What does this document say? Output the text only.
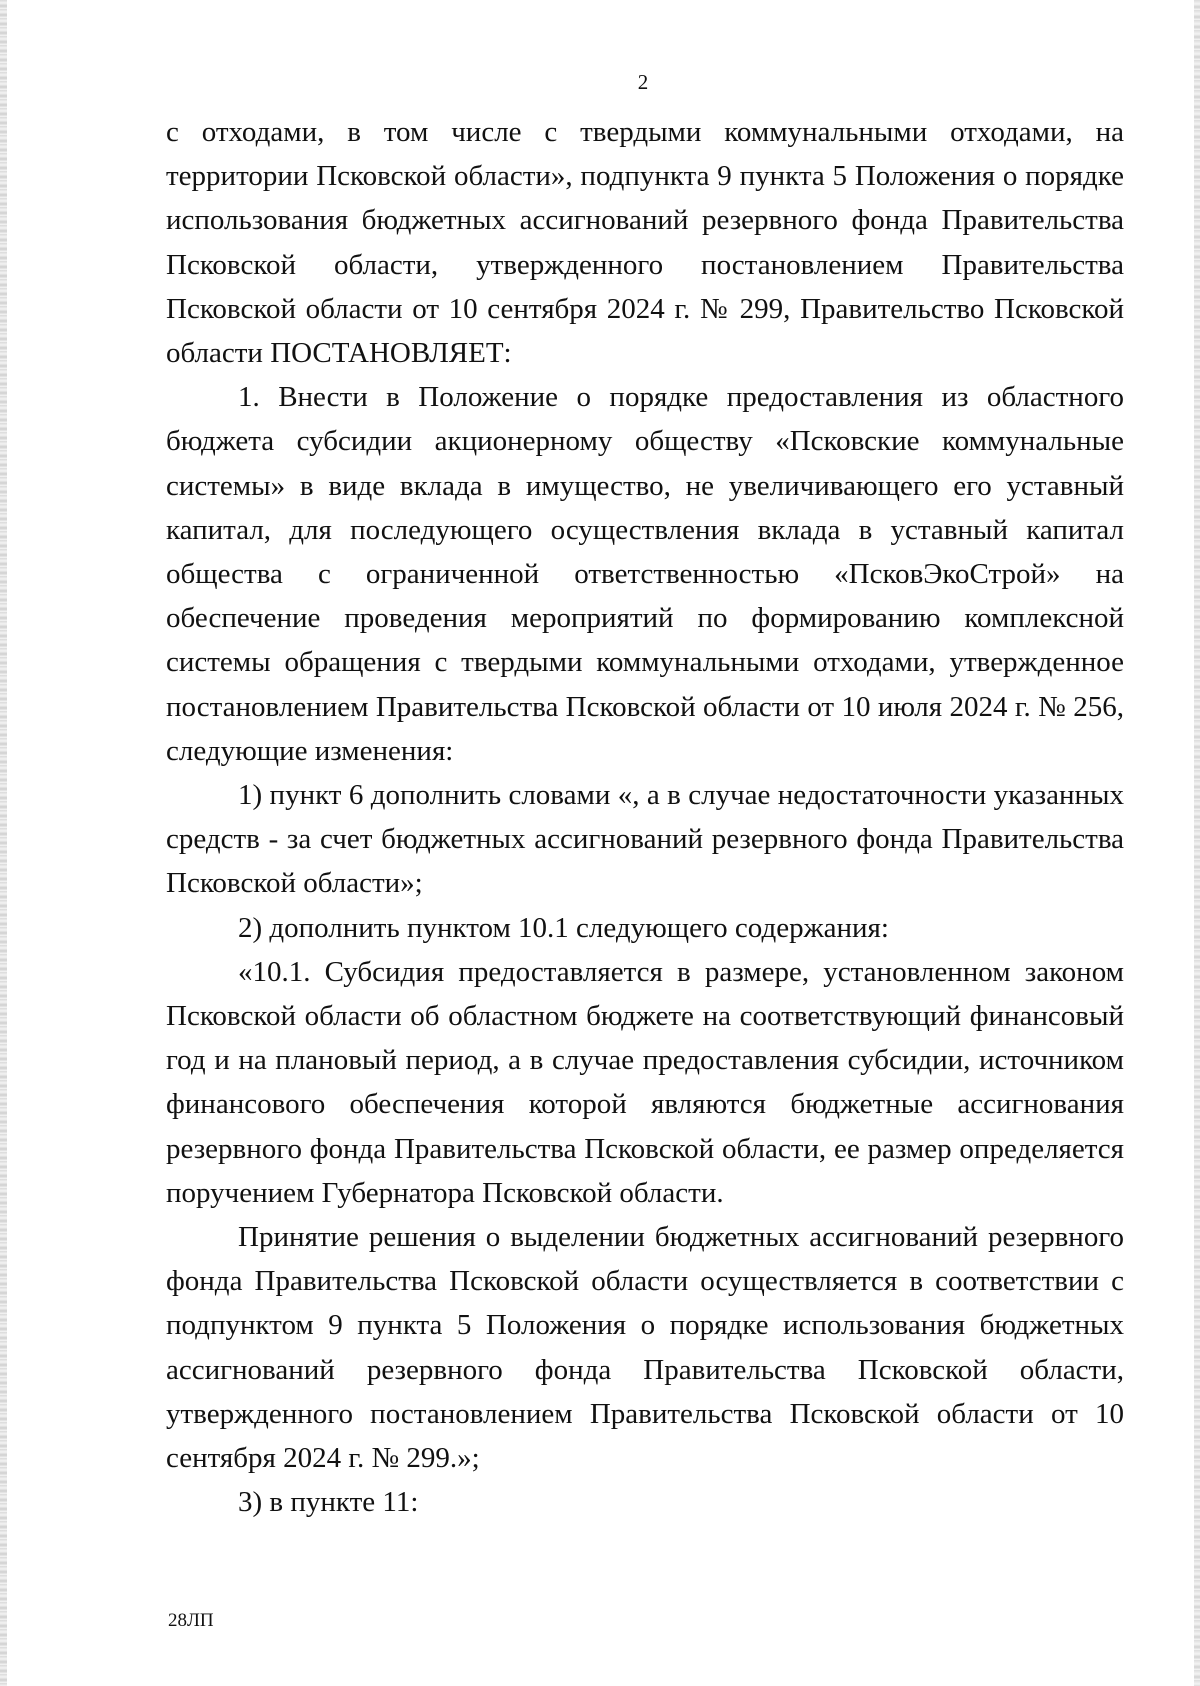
2

с отходами, в том числе с твердыми коммунальными отходами, на территории Псковской области», подпункта 9 пункта 5 Положения о порядке использования бюджетных ассигнований резервного фонда Правительства Псковской области, утвержденного постановлением Правительства Псковской области от 10 сентября 2024 г. № 299, Правительство Псковской области ПОСТАНОВЛЯЕТ:

1. Внести в Положение о порядке предоставления из областного бюджета субсидии акционерному обществу «Псковские коммунальные системы» в виде вклада в имущество, не увеличивающего его уставный капитал, для последующего осуществления вклада в уставный капитал общества с ограниченной ответственностью «ПсковЭкоСтрой» на обеспечение проведения мероприятий по формированию комплексной системы обращения с твердыми коммунальными отходами, утвержденное постановлением Правительства Псковской области от 10 июля 2024 г. № 256, следующие изменения:

1) пункт 6 дополнить словами «, а в случае недостаточности указанных средств - за счет бюджетных ассигнований резервного фонда Правительства Псковской области»;

2) дополнить пунктом 10.1 следующего содержания:

«10.1. Субсидия предоставляется в размере, установленном законом Псковской области об областном бюджете на соответствующий финансовый год и на плановый период, а в случае предоставления субсидии, источником финансового обеспечения которой являются бюджетные ассигнования резервного фонда Правительства Псковской области, ее размер определяется поручением Губернатора Псковской области.

Принятие решения о выделении бюджетных ассигнований резервного фонда Правительства Псковской области осуществляется в соответствии с подпунктом 9 пункта 5 Положения о порядке использования бюджетных ассигнований резервного фонда Правительства Псковской области, утвержденного постановлением Правительства Псковской области от 10 сентября 2024 г. № 299.»;

3) в пункте 11:

28ЛП
